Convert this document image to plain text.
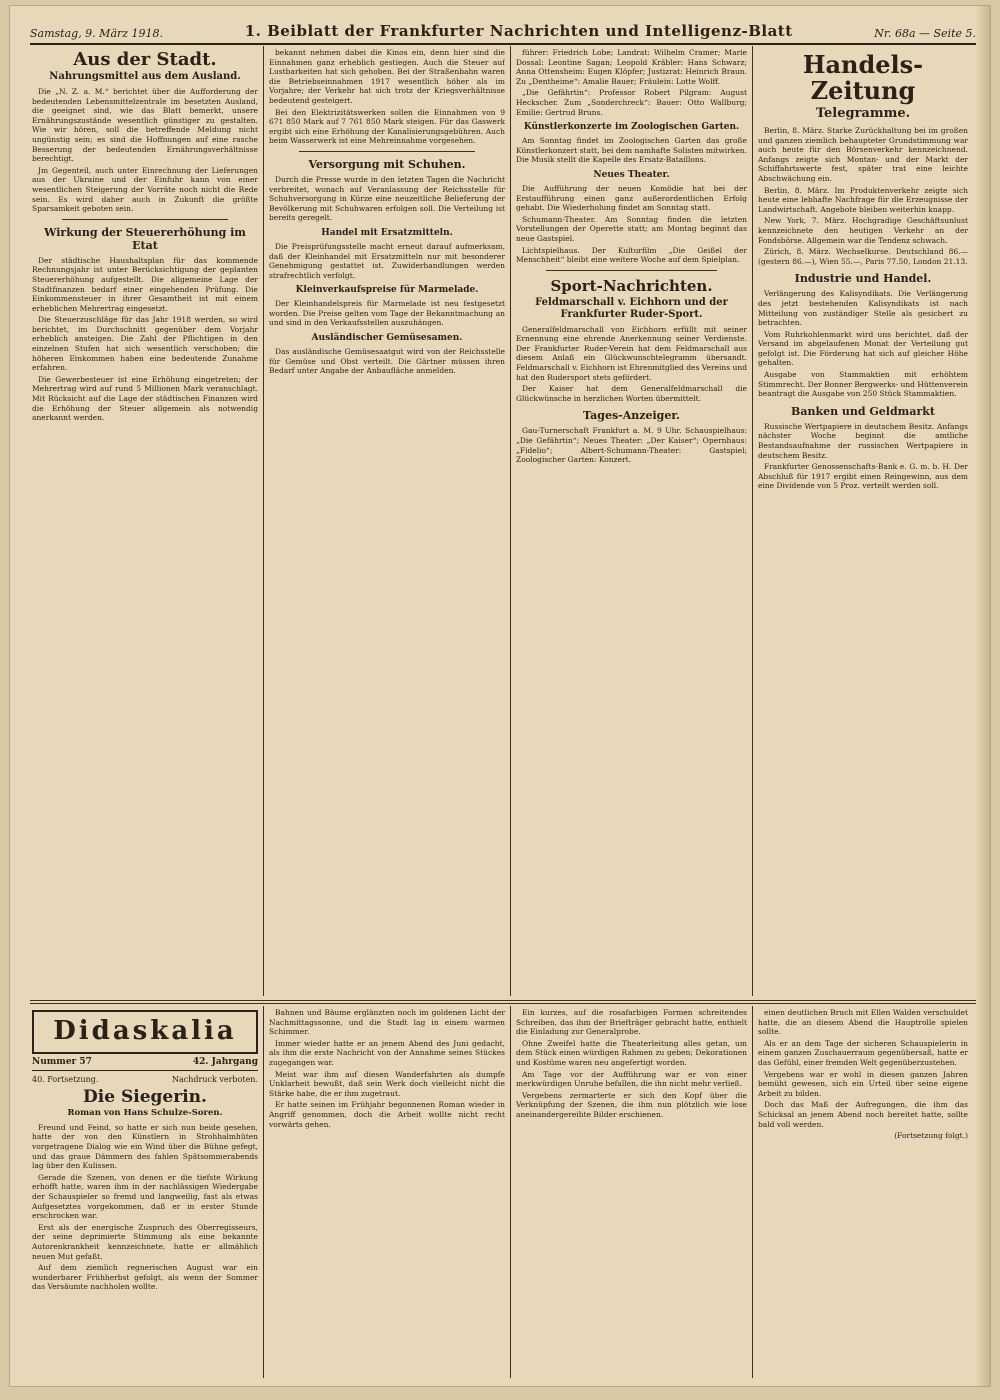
Samstag, 9. März 1918.	1. Beiblatt der Frankfurter Nachrichten und Intelligenz-Blatt	Nr. 68a — Seite 5.
Aus der Stadt.
Nahrungsmittel aus dem Ausland.

Die „N. Z. a. M.“ berichtet über die Aufforderung der bedeutenden Lebensmittelzentrale im besetzten Ausland, die geeignet sind, wie das Blatt bemerkt, unsere Ernährungszustände wesentlich günstiger zu gestalten. Wie wir hören, soll die betreffende Meldung nicht ungünstig sein; es sind die Hoffnungen auf eine rasche Besserung der bedeutenden Ernährungsverhältnisse berechtigt.

Jm Gegenteil, auch unter Einrechnung der Lieferungen aus der Ukraine und der Einfuhr kann von einer wesentlichen Steigerung der Vorräte noch nicht die Rede sein. Es wird daher auch in Zukunft die größte Sparsamkeit geboten sein.

Wirkung der Steuererhöhung im Etat

Der städtische Haushaltsplan für das kommende Rechnungsjahr ist unter Berücksichtigung der geplanten Steuererhöhung aufgestellt. Die allgemeine Lage der Stadtfinanzen bedarf einer eingehenden Prüfung. Die Einkommensteuer in ihrer Gesamtheit ist mit einem erheblichen Mehrertrag eingesetzt.

Die Steuerzuschläge für das Jahr 1918 werden, so wird berichtet, im Durchschnitt gegenüber dem Vorjahr erheblich ansteigen. Die Zahl der Pflichtigen in den einzelnen Stufen hat sich wesentlich verschoben; die höheren Einkommen haben eine bedeutende Zunahme erfahren.

Die Gewerbesteuer ist eine Erhöhung eingetreten; der Mehrertrag wird auf rund 5 Millionen Mark veranschlagt. Mit Rücksicht auf die Lage der städtischen Finanzen wird die Erhöhung der Steuer allgemein als notwendig anerkannt werden.

bekannt nehmen dabei die Kinos ein, denn hier sind die Einnahmen ganz erheblich gestiegen. Auch die Steuer auf Lustbarkeiten hat sich gehoben. Bei der Straßenbahn waren die Betriebseinnahmen 1917 wesentlich höher als im Vorjahre; der Verkehr hat sich trotz der Kriegsverhältnisse bedeutend gesteigert.

Bei den Elektrizitätswerken sollen die Einnahmen von 9 671 850 Mark auf 7 761 850 Mark steigen. Für das Gaswerk ergibt sich eine Erhöhung der Kanalisierungsgebühren. Auch beim Wasserwerk ist eine Mehreinnahme vorgesehen.

Versorgung mit Schuhen.

Durch die Presse wurde in den letzten Tagen die Nachricht verbreitet, wonach auf Veranlassung der Reichsstelle für Schuhversorgung in Kürze eine neuzeitliche Belieferung der Bevölkerung mit Schuhwaren erfolgen soll. Die Verteilung ist bereits geregelt.

Handel mit Ersatzmitteln.

Die Preisprüfungsstelle macht erneut darauf aufmerksam, daß der Kleinhandel mit Ersatzmitteln nur mit besonderer Genehmigung gestattet ist. Zuwiderhandlungen werden strafrechtlich verfolgt.

Kleinverkaufspreise für Marmelade.

Der Kleinhandelspreis für Marmelade ist neu festgesetzt worden. Die Preise gelten vom Tage der Bekanntmachung an und sind in den Verkaufsstellen auszuhängen.

Ausländischer Gemüsesamen.

Das ausländische Gemüsesaatgut wird von der Reichsstelle für Gemüse und Obst verteilt. Die Gärtner müssen ihren Bedarf unter Angabe der Anbaufläche anmelden.

führer: Friedrich Lobe; Landrat: Wilhelm Cramer; Marie Dossal: Leontine Sagan; Leopold Kräbler: Hans Schwarz; Anna Ottensheim: Eugen Klöpfer; Justizrat: Heinrich Braun. Zu „Dentheime“: Amalie Bauer; Fräulein: Lotte Wolff.

„Die Gefährtin“: Professor Robert Pilgram: August Heckscher. Zum „Sonderchreck“: Bauer: Otto Wallburg; Emilie: Gertrud Bruns.

Künstlerkonzerte im Zoologischen Garten.

Am Sonntag findet im Zoologischen Garten das große Künstlerkonzert statt, bei dem namhafte Solisten mitwirken. Die Musik stellt die Kapelle des Ersatz-Bataillons.

Neues Theater.

Die Aufführung der neuen Komödie hat bei der Erstaufführung einen ganz außerordentlichen Erfolg gehabt. Die Wiederholung findet am Sonntag statt.

Schumann-Theater. Am Sonntag finden die letzten Vorstellungen der Operette statt; am Montag beginnt das neue Gastspiel.

Lichtspielhaus. Der Kulturfilm „Die Geißel der Menschheit“ bleibt eine weitere Woche auf dem Spielplan.

Sport-Nachrichten.
Feldmarschall v. Eichhorn und der Frankfurter Ruder-Sport.

Generalfeldmarschall von Eichhorn erfüllt mit seiner Ernennung eine ehrende Anerkennung seiner Verdienste. Der Frankfurter Ruder-Verein hat dem Feldmarschall aus diesem Anlaß ein Glückwunschtelegramm übersandt. Feldmarschall v. Eichhorn ist Ehrenmitglied des Vereins und hat den Rudersport stets gefördert.

Der Kaiser hat dem Generalfeldmarschall die Glückwünsche in herzlichen Worten übermittelt.

Tages-Anzeiger.

Gau-Turnerschaft Frankfurt a. M. 9 Uhr. Schauspielhaus: „Die Gefährtin“; Neues Theater: „Der Kaiser“; Opernhaus: „Fidelio“; Albert-Schumann-Theater: Gastspiel; Zoologischer Garten: Konzert.

Handels-Zeitung
Telegramme.

Berlin, 8. März. Starke Zurückhaltung bei im großen und ganzen ziemlich behaupteter Grundstimmung war auch heute für den Börsenverkehr kennzeichnend. Anfangs zeigte sich Montan- und der Markt der Schiffahrtswerte fest, später trat eine leichte Abschwächung ein.

Berlin, 8. März. Im Produktenverkehr zeigte sich heute eine lebhafte Nachfrage für die Erzeugnisse der Landwirtschaft. Angebote bleiben weiterhin knapp.

New York, 7. März. Hochgradige Geschäftsunlust kennzeichnete den heutigen Verkehr an der Fondsbörse. Allgemein war die Tendenz schwach.

Zürich, 8. März. Wechselkurse. Deutschland 86.— (gestern 86.—), Wien 55.—, Paris 77.50, London 21.13.

Industrie und Handel.

Verlängerung des Kalisyndikats. Die Verlängerung des jetzt bestehenden Kalisyndikats ist nach Mitteilung von zuständiger Stelle als gesichert zu betrachten.

Vom Ruhrkohlenmarkt wird uns berichtet, daß der Versand im abgelaufenen Monat der Verteilung gut gefolgt ist. Die Förderung hat sich auf gleicher Höhe gehalten.

Ausgabe von Stammaktien mit erhöhtem Stimmrecht. Der Bonner Bergwerks- und Hüttenverein beantragt die Ausgabe von 250 Stück Stammaktien.

Banken und Geldmarkt

Russische Wertpapiere in deutschem Besitz. Anfangs nächster Woche beginnt die amtliche Bestandsaufnahme der russischen Wertpapiere in deutschem Besitz.

Frankfurter Genossenschafts-Bank e. G. m. b. H. Der Abschluß für 1917 ergibt einen Reingewinn, aus dem eine Dividende von 5 Proz. verteilt werden soll.

Didaskalia
Nummer 57	42. Jahrgang
40. Fortsetzung.	Nachdruck verboten.
Die Siegerin.
Roman von Hans Schulze-Soren.

Freund und Feind, so hatte er sich nun beide gesehen, hatte der von den Künstlern in Strohhalmhüten vorgetragene Dialog wie ein Wind über die Bühne gefegt, und das graue Dämmern des fahlen Spätsommerabends lag über den Kulissen.

Gerade die Szenen, von denen er die tiefste Wirkung erhofft hatte, waren ihm in der nachlässigen Wiedergabe der Schauspieler so fremd und langweilig, fast als etwas Aufgesetztes vorgekommen, daß er in erster Stunde erschrocken war.

Erst als der energische Zuspruch des Oberregisseurs, der seine deprimierte Stimmung als eine bekannte Autorenkrankheit kennzeichnete, hatte er allmählich neuen Mut gefaßt.

Auf dem ziemlich regnerischen August war ein wunderbarer Frühherbst gefolgt, als wenn der Sommer das Versäumte nachholen wollte.

Bahnen und Bäume erglänzten noch im goldenen Licht der Nachmittagssonne, und die Stadt lag in einem warmen Schimmer.

Immer wieder hatte er an jenem Abend des Juni gedacht, als ihm die erste Nachricht von der Annahme seines Stückes zugegangen war.

Meist war ihm auf diesen Wanderfahrten als dumpfe Unklarheit bewußt, daß sein Werk doch vielleicht nicht die Stärke habe, die er ihm zugetraut.

Er hatte seinen im Frühjahr begonnenen Roman wieder in Angriff genommen, doch die Arbeit wollte nicht recht vorwärts gehen.

Ein kurzes, auf die rosafarbigen Formen schreitendes Schreiben, das ihm der Briefträger gebracht hatte, enthielt die Einladung zur Generalprobe.

Ohne Zweifel hatte die Theaterleitung alles getan, um dem Stück einen würdigen Rahmen zu geben; Dekorationen und Kostüme waren neu angefertigt worden.

Am Tage vor der Aufführung war er von einer merkwürdigen Unruhe befallen, die ihn nicht mehr verließ.

Vergebens zermarterte er sich den Kopf über die Verknüpfung der Szenen, die ihm nun plötzlich wie lose aneinandergereihte Bilder erschienen.

einen deutlichen Bruch mit Ellen Walden verschuldet hatte, die an diesem Abend die Hauptrolle spielen sollte.

Als er an dem Tage der sicheren Schauspielerin in einem ganzen Zuschauerraum gegenübersaß, hatte er das Gefühl, einer fremden Welt gegenüberzustehen.

Vergebens war er wohl in diesen ganzen Jahren bemüht gewesen, sich ein Urteil über seine eigene Arbeit zu bilden.

Doch das Maß der Aufregungen, die ihm das Schicksal an jenem Abend noch bereitet hatte, sollte bald voll werden.

(Fortsetzung folgt.)
